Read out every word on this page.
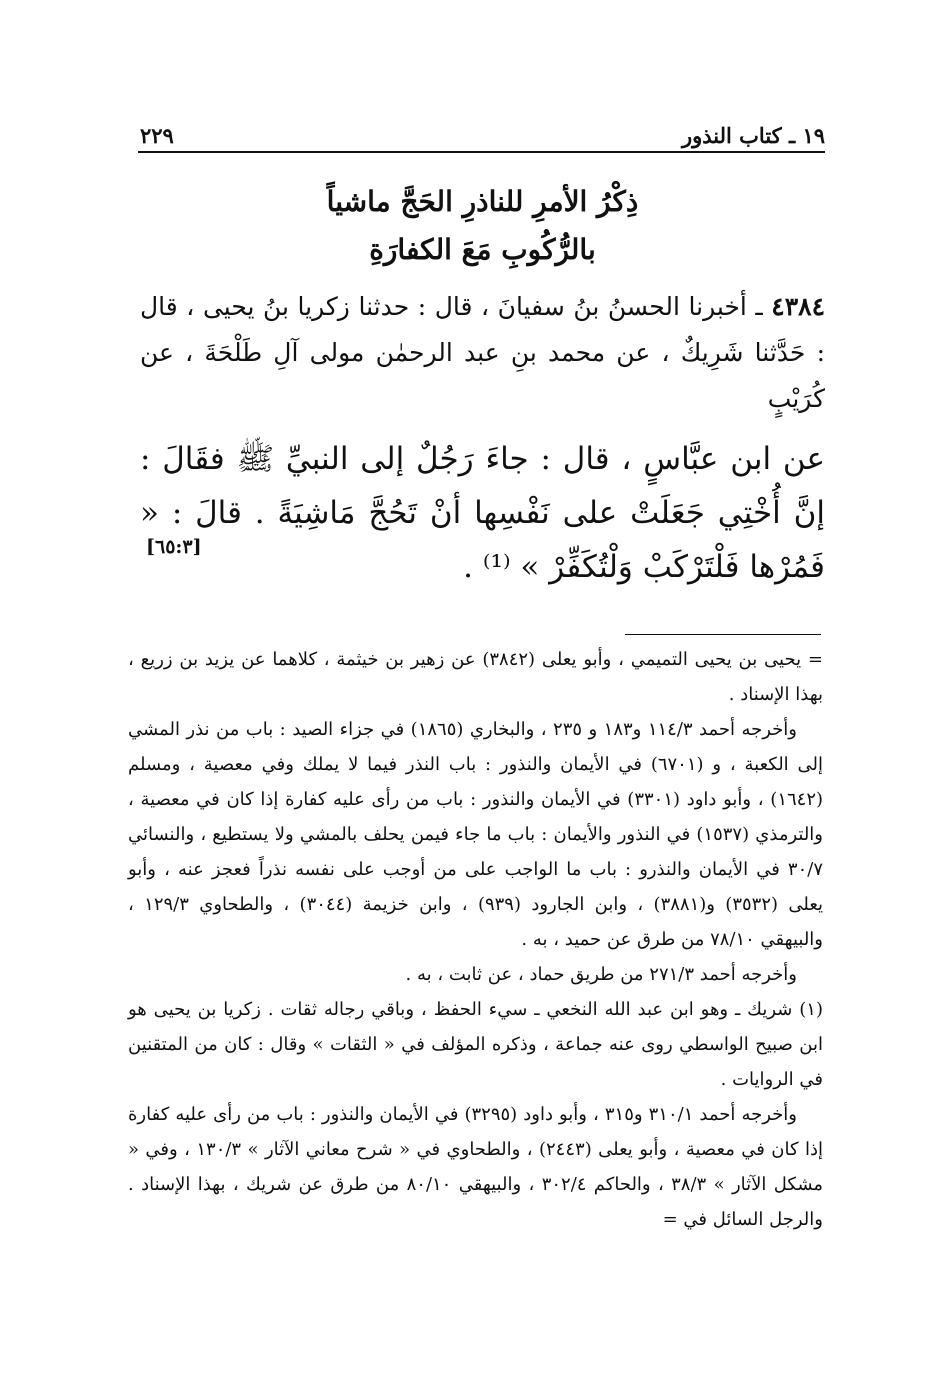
١٩ ـ كتاب النذور
٢٢٩
ذِكْرُ الأمرِ للناذرِ الحَجَّ ماشياً
بالرُّكُوبِ مَعَ الكفارَةِ
٤٣٨٤ ـ أخبرنا الحسنُ بنُ سفيانَ ، قال : حدثنا زكريا بنُ يحيى ، قال : حَدَّثنا شَرِيكٌ ، عن محمد بنِ عبد الرحمٰن مولى آلِ طَلْحَةَ ، عن كُرَيْبٍ
عن ابن عبَّاسٍ ، قال : جاءَ رَجُلٌ إلى النبيِّ ﷺ فقَالَ : إنَّ أُخْتِي جَعَلَتْ على نَفْسِها أنْ تَحُجَّ مَاشِيَةً . قالَ : « فَمُرْها فَلْتَرْكَبْ وَلْتُكَفِّرْ » ⁽¹⁾ .
[٦٥:٣]

= يحيى بن يحيى التميمي ، وأبو يعلى (٣٨٤٢) عن زهير بن خيثمة ، كلاهما عن يزيد بن زريع ، بهذا الإسناد .

وأخرجه أحمد ١١٤/٣ و١٨٣ و ٢٣٥ ، والبخاري (١٨٦٥) في جزاء الصيد : باب من نذر المشي إلى الكعبة ، و (٦٧٠١) في الأيمان والنذور : باب النذر فيما لا يملك وفي معصية ، ومسلم (١٦٤٢) ، وأبو داود (٣٣٠١) في الأيمان والنذور : باب من رأى عليه كفارة إذا كان في معصية ، والترمذي (١٥٣٧) في النذور والأيمان : باب ما جاء فيمن يحلف بالمشي ولا يستطيع ، والنسائي ٣٠/٧ في الأيمان والنذرو : باب ما الواجب على من أوجب على نفسه نذراً فعجز عنه ، وأبو يعلى (٣٥٣٢) و(٣٨٨١) ، وابن الجارود (٩٣٩) ، وابن خزيمة (٣٠٤٤) ، والطحاوي ١٢٩/٣ ، والبيهقي ٧٨/١٠ من طرق عن حميد ، به .

وأخرجه أحمد ٢٧١/٣ من طريق حماد ، عن ثابت ، به .

(١) شريك ـ وهو ابن عبد الله النخعي ـ سيء الحفظ ، وباقي رجاله ثقات . زكريا بن يحيى هو ابن صبيح الواسطي روى عنه جماعة ، وذكره المؤلف في « الثقات » وقال : كان من المتقنين في الروايات .

وأخرجه أحمد ٣١٠/١ و٣١٥ ، وأبو داود (٣٢٩٥) في الأيمان والنذور : باب من رأى عليه كفارة إذا كان في معصية ، وأبو يعلى (٢٤٤٣) ، والطحاوي في « شرح معاني الآثار » ١٣٠/٣ ، وفي « مشكل الآثار » ٣٨/٣ ، والحاكم ٣٠٢/٤ ، والبيهقي ٨٠/١٠ من طرق عن شريك ، بهذا الإسناد . والرجل السائل في =
